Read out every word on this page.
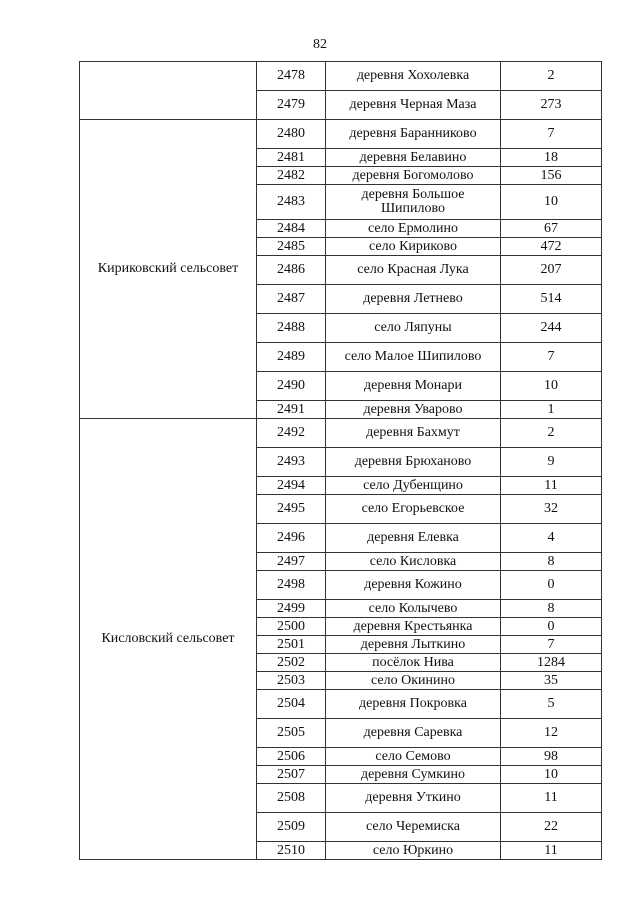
82
	2478	деревня Хохолевка	2
	2479	деревня Черная Маза	273
Кириковский сельсовет	2480	деревня Баранниково	7
	2481	деревня Белавино	18
	2482	деревня Богомолово	156
	2483	деревня Большое Шипилово	10
	2484	село Ермолино	67
	2485	село Кириково	472
	2486	село Красная Лука	207
	2487	деревня Летнево	514
	2488	село Ляпуны	244
	2489	село Малое Шипилово	7
	2490	деревня Монари	10
	2491	деревня Уварово	1
Кисловский сельсовет	2492	деревня Бахмут	2
	2493	деревня Брюханово	9
	2494	село Дубенщино	11
	2495	село Егорьевское	32
	2496	деревня Елевка	4
	2497	село Кисловка	8
	2498	деревня Кожино	0
	2499	село Колычево	8
	2500	деревня Крестьянка	0
	2501	деревня Лыткино	7
	2502	посёлок Нива	1284
	2503	село Окинино	35
	2504	деревня Покровка	5
	2505	деревня Саревка	12
	2506	село Семово	98
	2507	деревня Сумкино	10
	2508	деревня Уткино	11
	2509	село Черемиска	22
	2510	село Юркино	11
